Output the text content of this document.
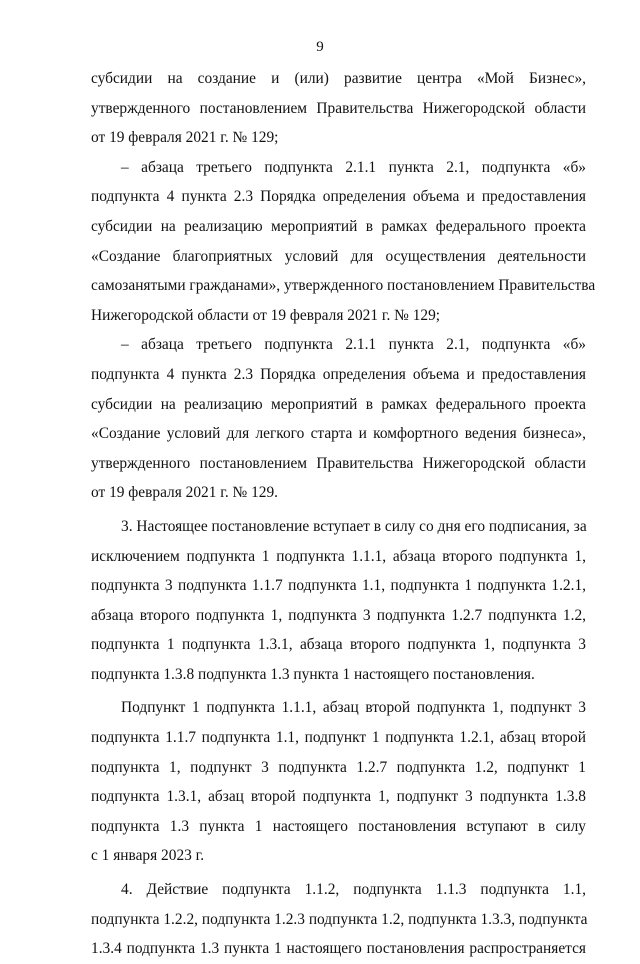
9
субсидии на создание и (или) развитие центра «Мой Бизнес»,
утвержденного постановлением Правительства Нижегородской области
от 19 февраля 2021 г. № 129;
– абзаца третьего подпункта 2.1.1 пункта 2.1, подпункта «б»
подпункта 4 пункта 2.3 Порядка определения объема и предоставления
субсидии на реализацию мероприятий в рамках федерального проекта
«Создание благоприятных условий для осуществления деятельности
самозанятыми гражданами», утвержденного постановлением Правительства
Нижегородской области от 19 февраля 2021 г. № 129;
– абзаца третьего подпункта 2.1.1 пункта 2.1, подпункта «б»
подпункта 4 пункта 2.3 Порядка определения объема и предоставления
субсидии на реализацию мероприятий в рамках федерального проекта
«Создание условий для легкого старта и комфортного ведения бизнеса»,
утвержденного постановлением Правительства Нижегородской области
от 19 февраля 2021 г. № 129.
3. Настоящее постановление вступает в силу со дня его подписания, за
исключением подпункта 1 подпункта 1.1.1, абзаца второго подпункта 1,
подпункта 3 подпункта 1.1.7 подпункта 1.1, подпункта 1 подпункта 1.2.1,
абзаца второго подпункта 1, подпункта 3 подпункта 1.2.7 подпункта 1.2,
подпункта 1 подпункта 1.3.1, абзаца второго подпункта 1, подпункта 3
подпункта 1.3.8 подпункта 1.3 пункта 1 настоящего постановления.
Подпункт 1 подпункта 1.1.1, абзац второй подпункта 1, подпункт 3
подпункта 1.1.7 подпункта 1.1, подпункт 1 подпункта 1.2.1, абзац второй
подпункта 1, подпункт 3 подпункта 1.2.7 подпункта 1.2, подпункт 1
подпункта 1.3.1, абзац второй подпункта 1, подпункт 3 подпункта 1.3.8
подпункта 1.3 пункта 1 настоящего постановления вступают в силу
с 1 января 2023 г.
4. Действие подпункта 1.1.2, подпункта 1.1.3 подпункта 1.1,
подпункта 1.2.2, подпункта 1.2.3 подпункта 1.2, подпункта 1.3.3, подпункта
1.3.4 подпункта 1.3 пункта 1 настоящего постановления распространяется
